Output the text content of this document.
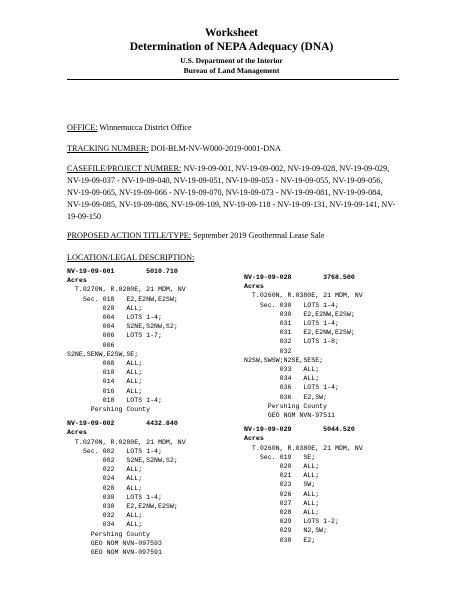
Worksheet
Determination of NEPA Adequacy (DNA)
U.S. Department of the Interior
Bureau of Land Management
OFFICE: Winnemucca District Office
TRACKING NUMBER: DOI-BLM-NV-W000-2019-0001-DNA
CASEFILE/PROJECT NUMBER: NV-19-09-001, NV-19-09-002, NV-19-09-028, NV-19-09-029, NV-19-09-037 - NV-19-09-040, NV-19-09-051, NV-19-09-053 - NV-19-09-055, NV-19-09-056, NV-19-09-065, NV-19-09-066 - NV-19-09-070, NV-19-09-073 - NV-19-09-081, NV-19-09-084, NV-19-09-085, NV-19-09-086, NV-19-09-109, NV-19-09-118 - NV-19-09-131, NV-19-09-141, NV-19-09-150
PROPOSED ACTION TITLE/TYPE: September 2019 Geothermal Lease Sale
LOCATION/LEGAL DESCRIPTION:
NV-19-09-001	5010.710
Acres
T.0270N, R.0280E, 21 MDM, NV
Sec. 018   E2,E2NW,E2SW;
020   ALL;
004   LOTS 1-4;
004   S2NE,S2NW,S2;
006   LOTS 1-7;
006
S2NE,SENW,E2SW,SE;
008   ALL;
010   ALL;
014   ALL;
016   ALL;
018   LOTS 1-4;
Pershing County
NV-19-09-002	4432.840
Acres
T.0270N, R.0280E, 21 MDM, NV
Sec. 002   LOTS 1-4;
002   S2NE,S2NW,S2;
022   ALL;
024   ALL;
028   ALL;
030   LOTS 1-4;
030   E2,E2NW,E2SW;
032   ALL;
034   ALL;
Pershing County
GEO NOM NVN-097593
GEO NOM NVN-097591
NV-19-09-028	3768.500
Acres
T.0260N, R.0380E, 21 MDM, NV
Sec. 030   LOTS 1-4;
030   E2,E2NW,E2SW;
031   LOTS 1-4;
031   E2,E2NW,E2SW;
032   LOTS 1-8;
032
N2SW,SWSW;N2SE,SESE;
033   ALL;
034   ALL;
036   LOTS 1-4;
036   E2,SW;
Pershing County
GEO NOM NVN-97511
NV-19-09-029	5044.520
Acres
T.0260N, R.0380E, 21 MDM, NV
Sec. 019   SE;
020   ALL;
021   ALL;
023   SW;
026   ALL;
027   ALL;
028   ALL;
029   LOTS 1-2;
029   N2,SW;
030   E2;
